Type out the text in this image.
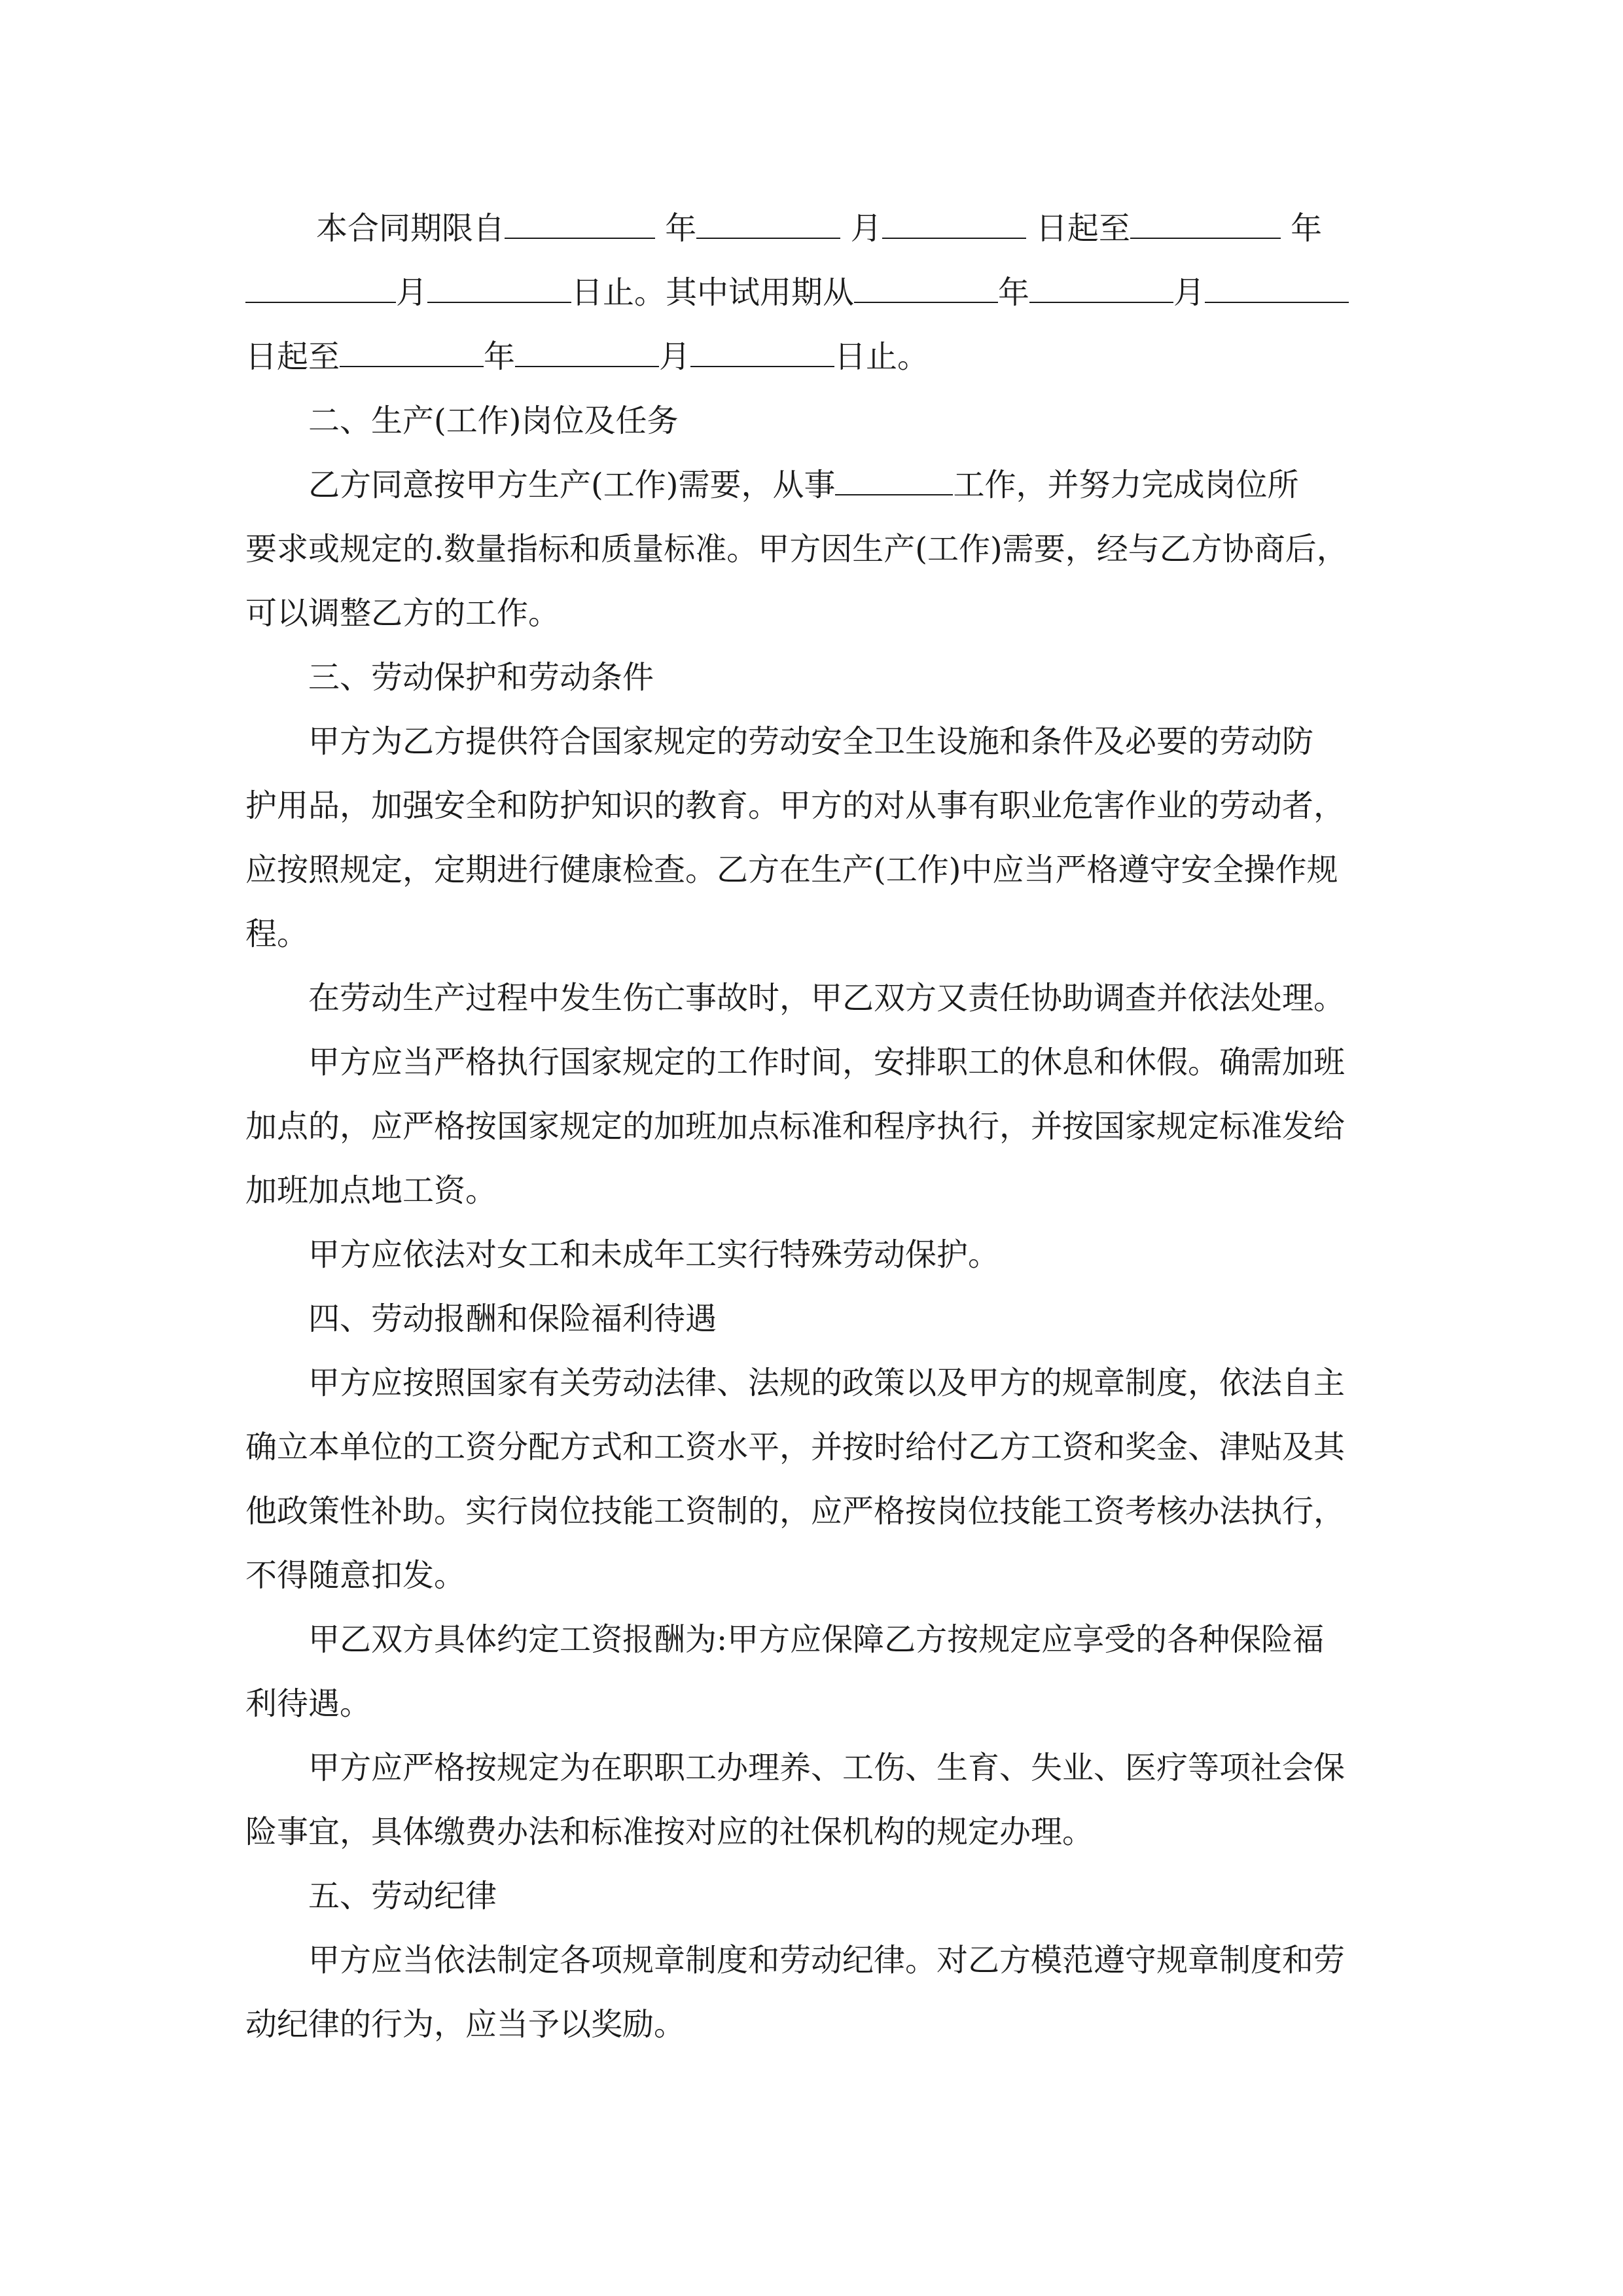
本合同期限自	年	月	日起至	年
月	日止。其中试用期从	年	月
日起至	年	月	日止。
二、生产(工作)岗位及任务
乙方同意按甲方生产(工作)需要，从事	工作，并努力完成岗位所
要求或规定的.数量指标和质量标准。甲方因生产(工作)需要，经与乙方协商后，
可以调整乙方的工作。
三、劳动保护和劳动条件
甲方为乙方提供符合国家规定的劳动安全卫生设施和条件及必要的劳动防
护用品，加强安全和防护知识的教育。甲方的对从事有职业危害作业的劳动者，
应按照规定，定期进行健康检查。乙方在生产(工作)中应当严格遵守安全操作规
程。
在劳动生产过程中发生伤亡事故时，甲乙双方又责任协助调查并依法处理。
甲方应当严格执行国家规定的工作时间，安排职工的休息和休假。确需加班
加点的，应严格按国家规定的加班加点标准和程序执行，并按国家规定标准发给
加班加点地工资。
甲方应依法对女工和未成年工实行特殊劳动保护。
四、劳动报酬和保险福利待遇
甲方应按照国家有关劳动法律、法规的政策以及甲方的规章制度，依法自主
确立本单位的工资分配方式和工资水平，并按时给付乙方工资和奖金、津贴及其
他政策性补助。实行岗位技能工资制的，应严格按岗位技能工资考核办法执行，
不得随意扣发。
甲乙双方具体约定工资报酬为:甲方应保障乙方按规定应享受的各种保险福
利待遇。
甲方应严格按规定为在职职工办理养、工伤、生育、失业、医疗等项社会保
险事宜，具体缴费办法和标准按对应的社保机构的规定办理。
五、劳动纪律
甲方应当依法制定各项规章制度和劳动纪律。对乙方模范遵守规章制度和劳
动纪律的行为，应当予以奖励。
